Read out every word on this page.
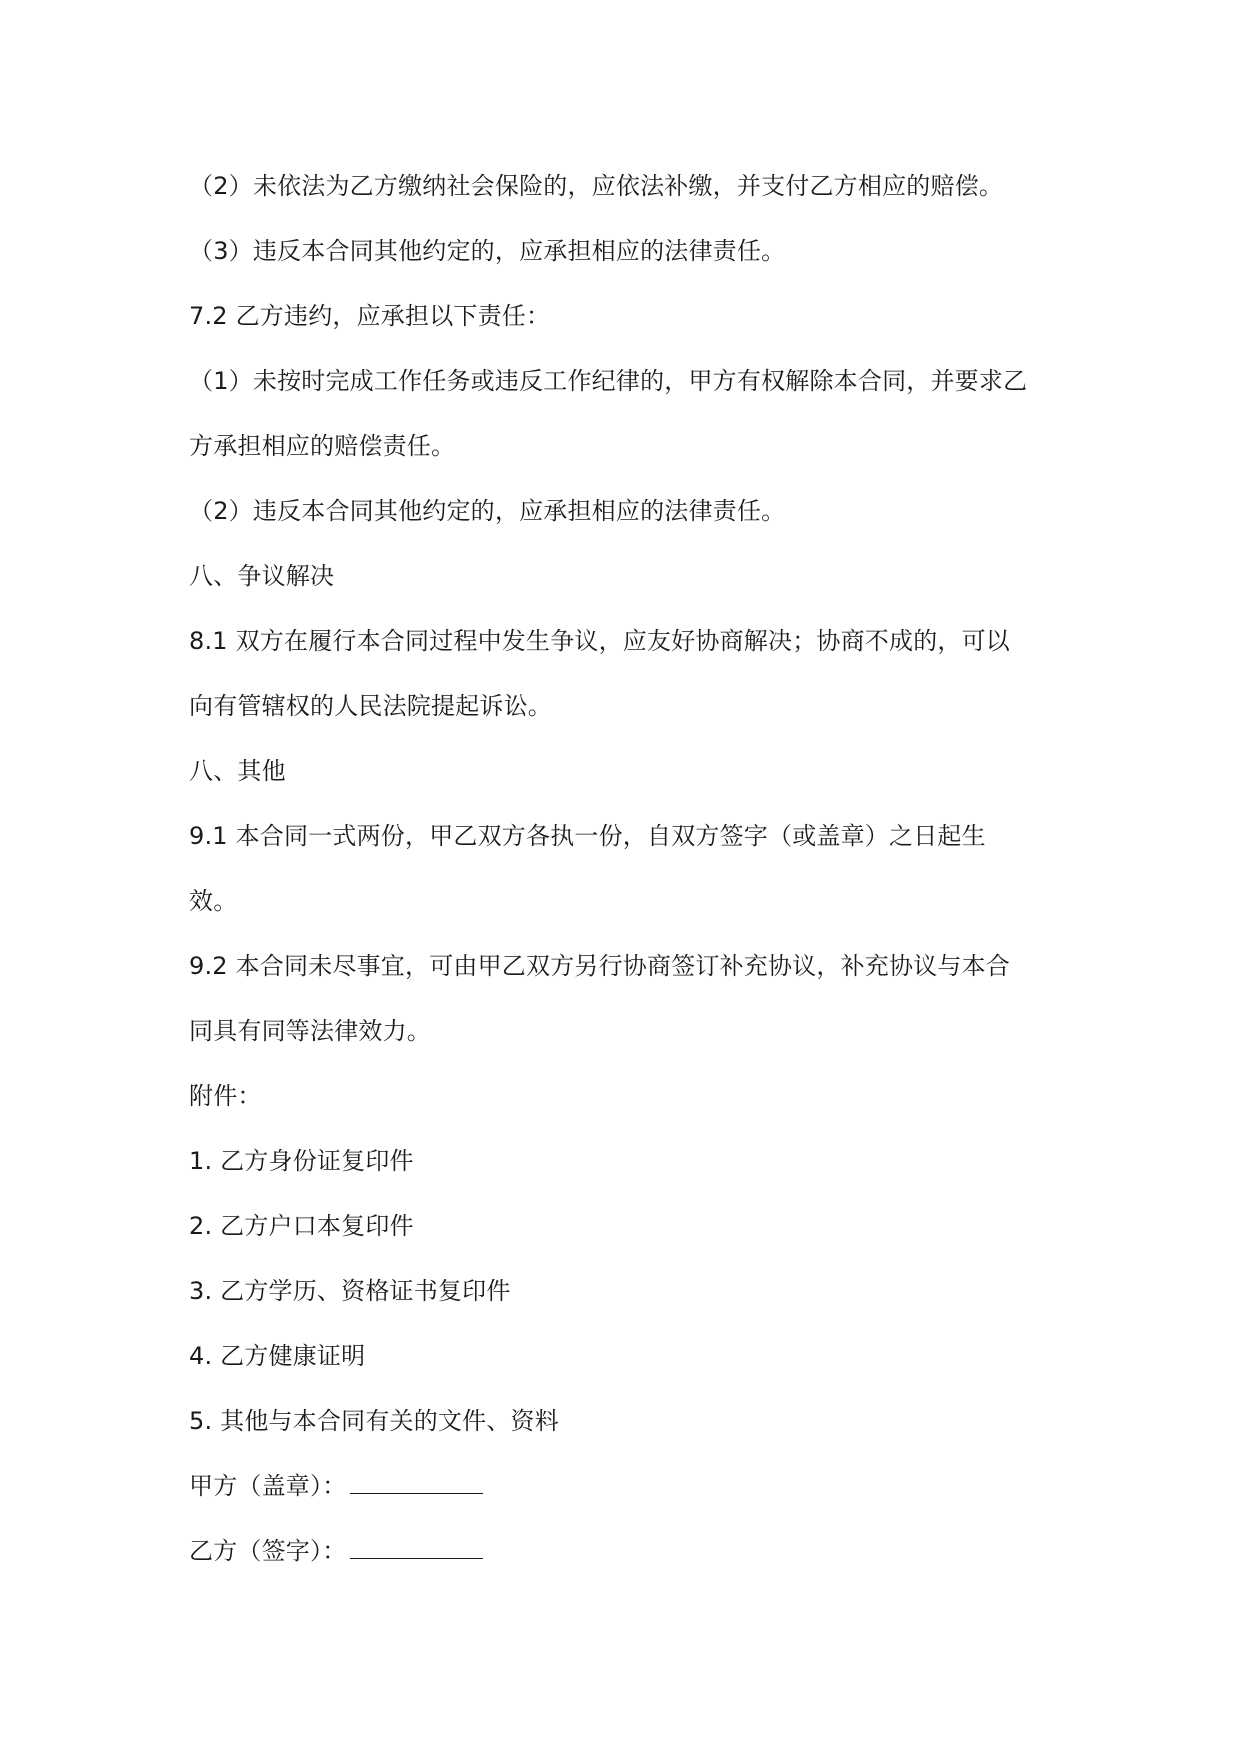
（2）未依法为乙方缴纳社会保险的，应依法补缴，并支付乙方相应的赔偿。
（3）违反本合同其他约定的，应承担相应的法律责任。
7.2 乙方违约，应承担以下责任：
（1）未按时完成工作任务或违反工作纪律的，甲方有权解除本合同，并要求乙
方承担相应的赔偿责任。
（2）违反本合同其他约定的，应承担相应的法律责任。
八、争议解决
8.1 双方在履行本合同过程中发生争议，应友好协商解决；协商不成的，可以
向有管辖权的人民法院提起诉讼。
八、其他
9.1 本合同一式两份，甲乙双方各执一份，自双方签字（或盖章）之日起生
效。
9.2 本合同未尽事宜，可由甲乙双方另行协商签订补充协议，补充协议与本合
同具有同等法律效力。
附件：
1. 乙方身份证复印件
2. 乙方户口本复印件
3. 乙方学历、资格证书复印件
4. 乙方健康证明
5. 其他与本合同有关的文件、资料
甲方（盖章）：
乙方（签字）：
